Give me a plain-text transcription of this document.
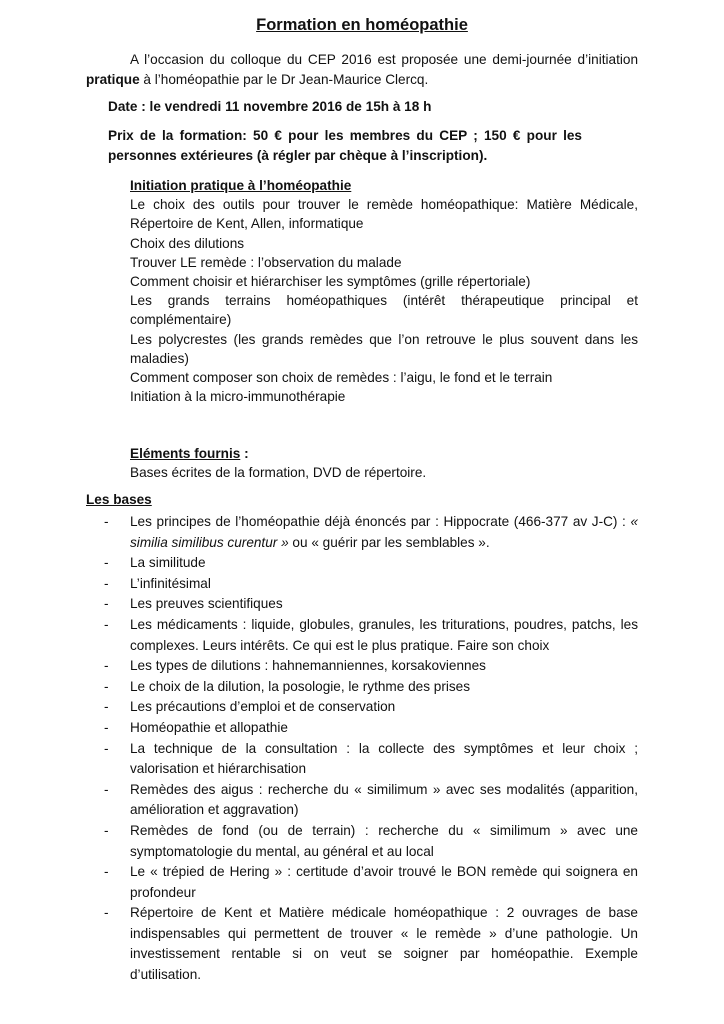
Formation en homéopathie
A l’occasion du colloque du CEP 2016 est proposée une demi-journée d’initiation pratique à l’homéopathie par le Dr Jean-Maurice Clercq.
Date : le vendredi 11 novembre 2016 de 15h à 18 h
Prix de la formation: 50 € pour les membres du CEP ; 150 € pour les personnes extérieures (à régler par chèque à l’inscription).
Initiation pratique à l’homéopathie
Le choix des outils pour trouver le remède homéopathique: Matière Médicale, Répertoire de Kent, Allen, informatique
Choix des dilutions
Trouver LE remède : l’observation du malade
Comment choisir et hiérarchiser les symptômes (grille répertoriale)
Les grands terrains homéopathiques (intérêt thérapeutique principal et complémentaire)
Les polycrestes (les grands remèdes que l’on retrouve le plus souvent dans les maladies)
Comment composer son choix de remèdes : l’aigu, le fond et le terrain
Initiation à la micro-immunothérapie
Eléments fournis :
Bases écrites de la formation, DVD de répertoire.
Les bases
- Les principes de l’homéopathie déjà énoncés par : Hippocrate (466-377 av J-C) : « similia similibus curentur » ou « guérir par les semblables ».
- La similitude
- L’infinitésimal
- Les preuves scientifiques
- Les médicaments : liquide, globules, granules, les triturations, poudres, patchs, les complexes. Leurs intérêts. Ce qui est le plus pratique. Faire son choix
- Les types de dilutions : hahnemanniennes, korsakoviennes
- Le choix de la dilution, la posologie, le rythme des prises
- Les précautions d’emploi et de conservation
- Homéopathie et allopathie
- La technique de la consultation : la collecte des symptômes et leur choix ; valorisation et hiérarchisation
- Remèdes des aigus : recherche du « similimum » avec ses modalités (apparition, amélioration et aggravation)
- Remèdes de fond (ou de terrain) : recherche du « similimum » avec une symptomatologie du mental, au général et au local
- Le « trépied de Hering » : certitude d’avoir trouvé le BON remède qui soignera en profondeur
- Répertoire de Kent et Matière médicale homéopathique : 2 ouvrages de base indispensables qui permettent de trouver « le remède » d’une pathologie. Un investissement rentable si on veut se soigner par homéopathie. Exemple d’utilisation.
